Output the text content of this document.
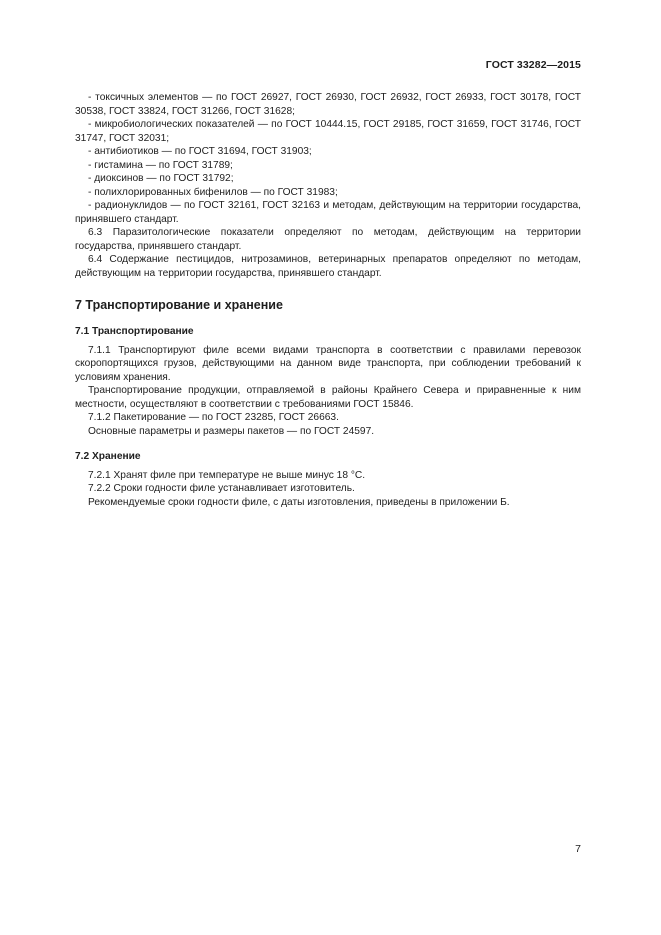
ГОСТ 33282—2015

- токсичных элементов — по ГОСТ 26927, ГОСТ 26930, ГОСТ 26932, ГОСТ 26933, ГОСТ 30178, ГОСТ 30538, ГОСТ 33824, ГОСТ 31266, ГОСТ 31628;

- микробиологических показателей — по ГОСТ 10444.15, ГОСТ 29185, ГОСТ 31659, ГОСТ 31746, ГОСТ 31747, ГОСТ 32031;

- антибиотиков — по ГОСТ 31694, ГОСТ 31903;

- гистамина — по ГОСТ 31789;

- диоксинов — по ГОСТ 31792;

- полихлорированных бифенилов — по ГОСТ 31983;

- радионуклидов — по ГОСТ 32161, ГОСТ 32163 и методам, действующим на территории государства, принявшего стандарт.

6.3 Паразитологические показатели определяют по методам, действующим на территории государства, принявшего стандарт.

6.4 Содержание пестицидов, нитрозаминов, ветеринарных препаратов определяют по методам, действующим на территории государства, принявшего стандарт.

7 Транспортирование и хранение

7.1 Транспортирование

7.1.1 Транспортируют филе всеми видами транспорта в соответствии с правилами перевозок скоропортящихся грузов, действующими на данном виде транспорта, при соблюдении требований к условиям хранения.

Транспортирование продукции, отправляемой в районы Крайнего Севера и приравненные к ним местности, осуществляют в соответствии с требованиями ГОСТ 15846.

7.1.2 Пакетирование — по ГОСТ 23285, ГОСТ 26663.

Основные параметры и размеры пакетов — по ГОСТ 24597.

7.2 Хранение

7.2.1 Хранят филе при температуре не выше минус 18 °С.

7.2.2 Сроки годности филе устанавливает изготовитель.

Рекомендуемые сроки годности филе, с даты изготовления, приведены в приложении Б.

7
